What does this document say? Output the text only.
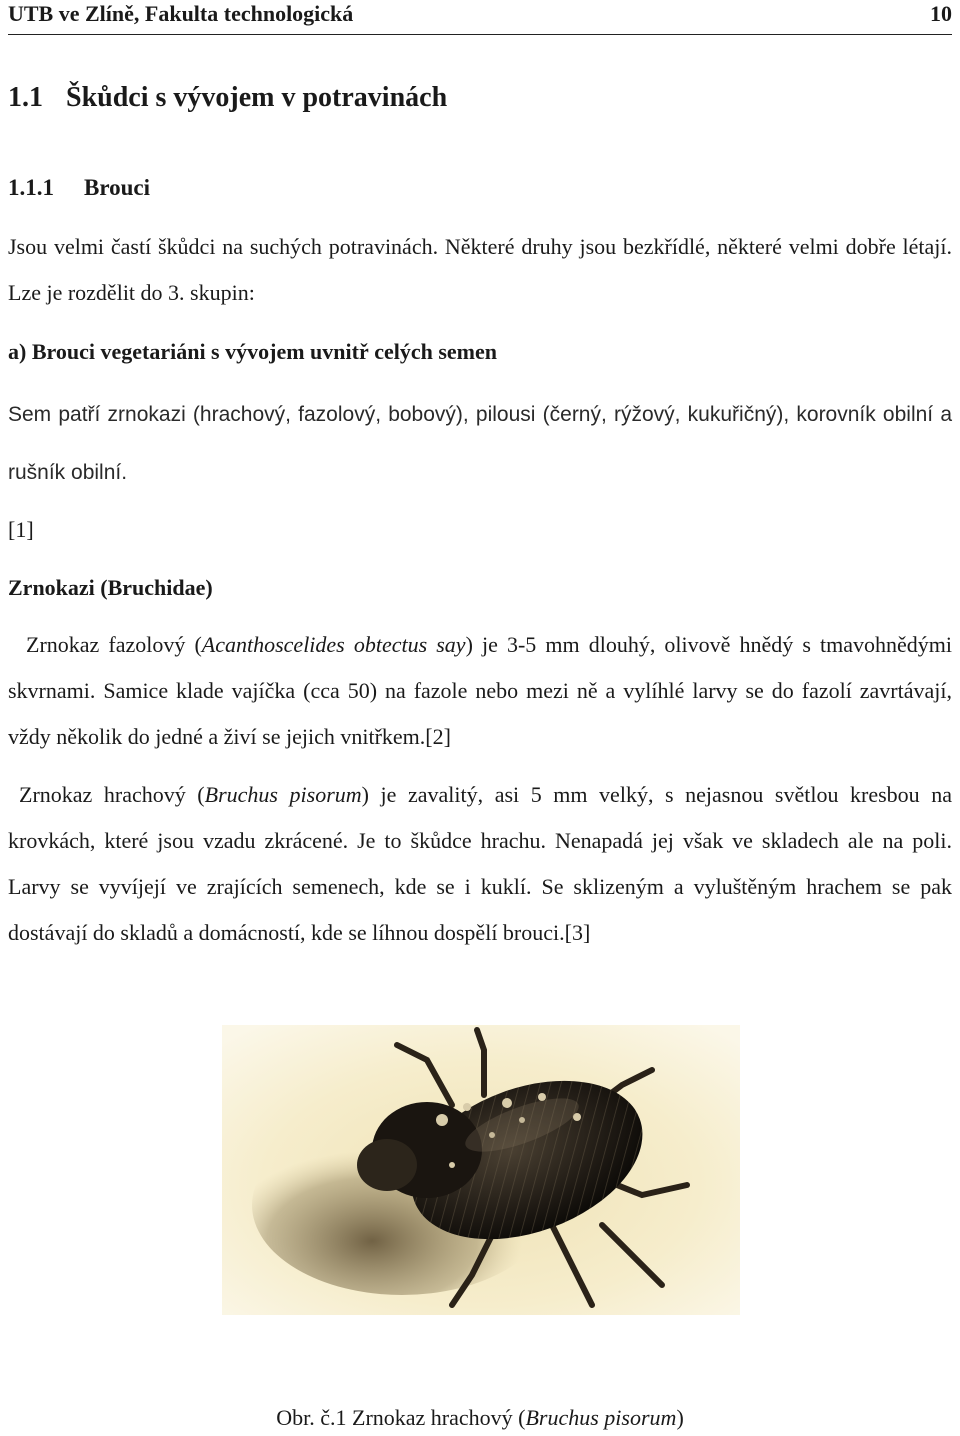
UTB ve Zlíně, Fakulta technologická	10
1.1 Škůdci s vývojem v potravinách
1.1.1 Brouci
Jsou velmi častí škůdci na suchých potravinách. Některé druhy jsou bezkřídlé, některé velmi dobře létají. Lze je rozdělit do 3. skupin:
a) Brouci vegetariáni s vývojem uvnitř celých semen
Sem patří zrnokazi (hrachový, fazolový, bobový), pilousi (černý, rýžový, kukuřičný), korovník obilní a rušník obilní.
[1]
Zrnokazi (Bruchidae)
Zrnokaz fazolový (Acanthoscelides obtectus say) je 3-5 mm dlouhý, olivově hnědý s tmavohnědými skvrnami. Samice klade vajíčka (cca 50) na fazole nebo mezi ně a vylíhlé larvy se do fazolí zavrtávají, vždy několik do jedné a živí se jejich vnitřkem.[2]
Zrnokaz hrachový (Bruchus pisorum) je zavalitý, asi 5 mm velký, s nejasnou světlou kresbou na krovkách, které jsou vzadu zkrácené. Je to škůdce hrachu. Nenapadá jej však ve skladech ale na poli. Larvy se vyvíjejí ve zrajících semenech, kde se i kuklí. Se sklizeným a vyluštěným hrachem se pak dostávají do skladů a domácností, kde se líhnou dospělí brouci.[3]
Obr. č.1 Zrnokaz hrachový (Bruchus pisorum)
